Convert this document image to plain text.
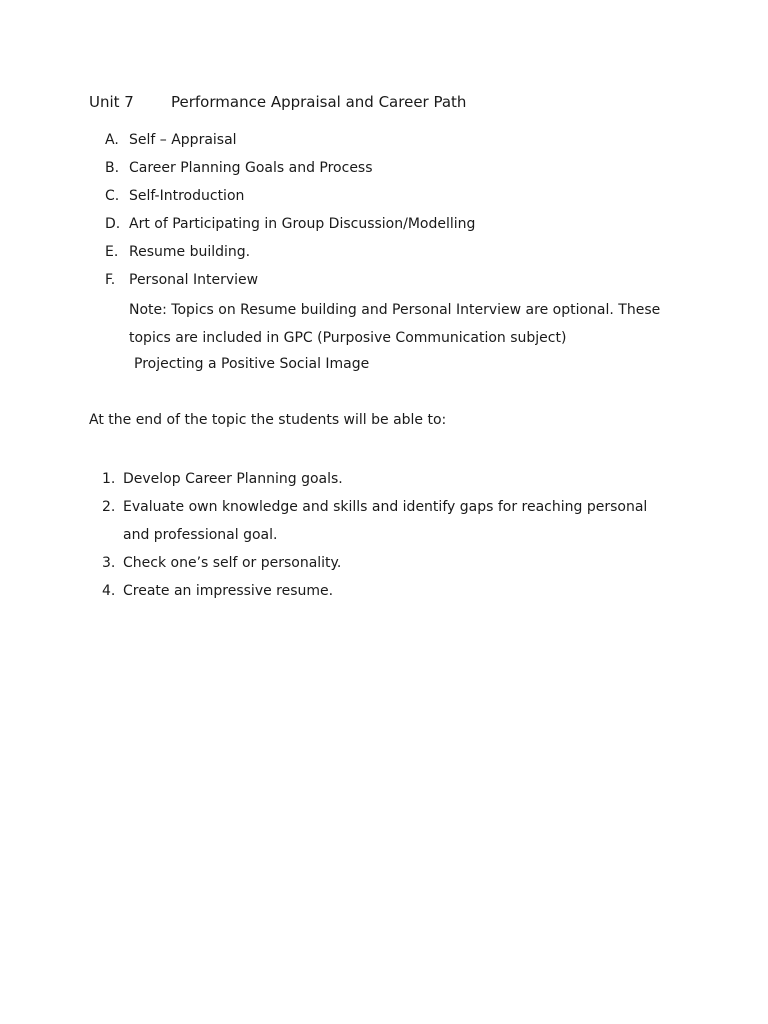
Unit 7 Performance Appraisal and Career Path
A. Self – Appraisal
B. Career Planning Goals and Process
C. Self-Introduction
D. Art of Participating in Group Discussion/Modelling
E. Resume building.
F. Personal Interview

Note: Topics on Resume building and Personal Interview are optional. These
topics are included in GPC (Purposive Communication subject)

Projecting a Positive Social Image

At the end of the topic the students will be able to:

1. Develop Career Planning goals.
2. Evaluate own knowledge and skills and identify gaps for reaching personal and professional goal.
3. Check one’s self or personality.
4. Create an impressive resume.
